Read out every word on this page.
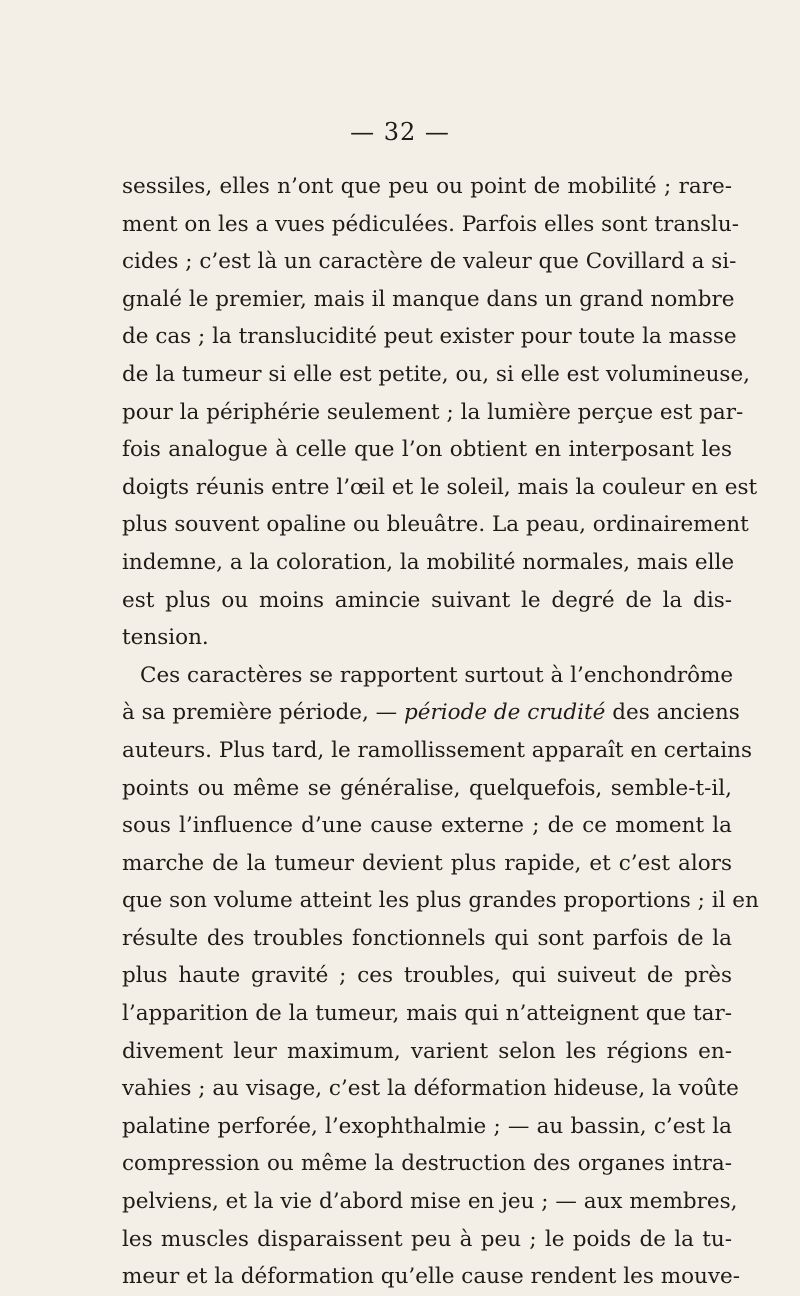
— 32 —
sessiles, elles n’ont que peu ou point de mobilité ; rare-
ment on les a vues pédiculées. Parfois elles sont translu-
cides ; c’est là un caractère de valeur que Covillard a si-
gnalé le premier, mais il manque dans un grand nombre
de cas ; la translucidité peut exister pour toute la masse
de la tumeur si elle est petite, ou, si elle est volumineuse,
pour la périphérie seulement ; la lumière perçue est par-
fois analogue à celle que l’on obtient en interposant les
doigts réunis entre l’œil et le soleil, mais la couleur en est
plus souvent opaline ou bleuâtre. La peau, ordinairement
indemne, a la coloration, la mobilité normales, mais elle
est plus ou moins amincie suivant le degré de la dis-
tension.
Ces caractères se rapportent surtout à l’enchondrôme
à sa première période, — période de crudité des anciens
auteurs. Plus tard, le ramollissement apparaît en certains
points ou même se généralise, quelquefois, semble-t-il,
sous l’influence d’une cause externe ; de ce moment la
marche de la tumeur devient plus rapide, et c’est alors
que son volume atteint les plus grandes proportions ; il en
résulte des troubles fonctionnels qui sont parfois de la
plus haute gravité ; ces troubles, qui suiveut de près
l’apparition de la tumeur, mais qui n’atteignent que tar-
divement leur maximum, varient selon les régions en-
vahies ; au visage, c’est la déformation hideuse, la voûte
palatine perforée, l’exophthalmie ; — au bassin, c’est la
compression ou même la destruction des organes intra-
pelviens, et la vie d’abord mise en jeu ; — aux membres,
les muscles disparaissent peu à peu ; le poids de la tu-
meur et la déformation qu’elle cause rendent les mouve-
